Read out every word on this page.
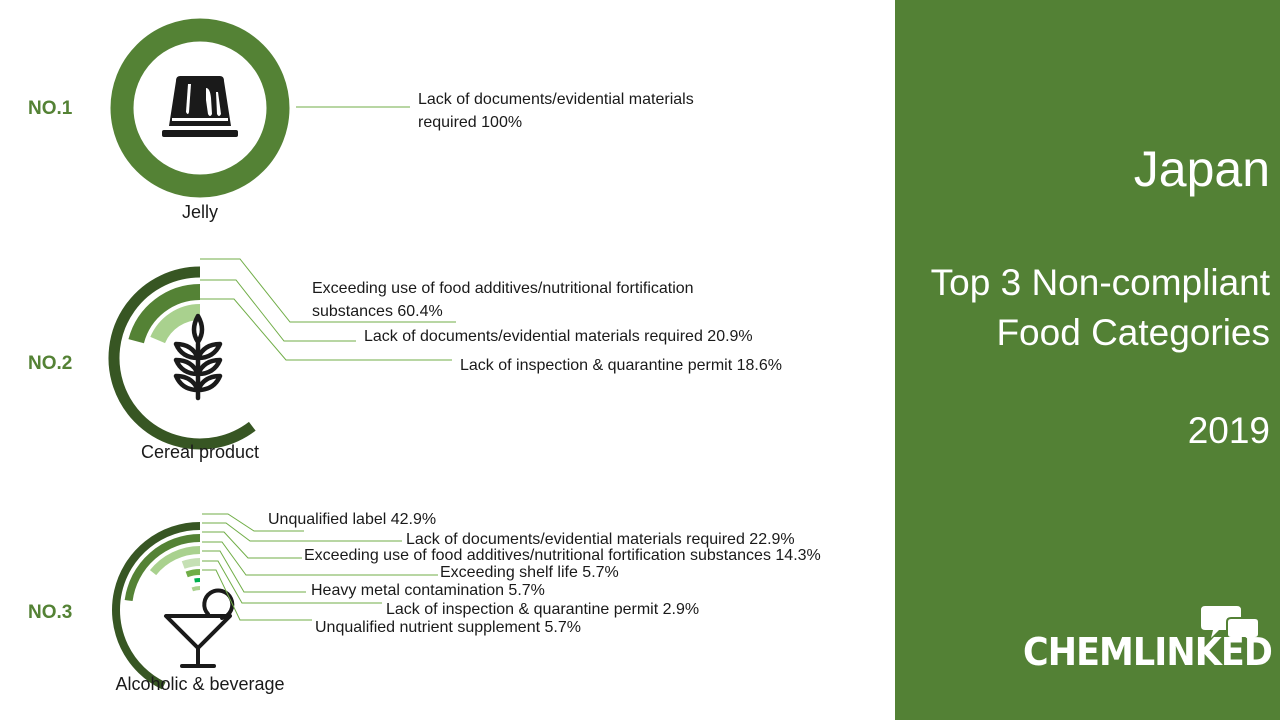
NO.1
Jelly
NO.2
Cereal product
NO.3
Alcoholic & beverage
Lack of documents/evidential materials required 100%
Exceeding use of food additives/nutritional fortification substances 60.4%
Lack of documents/evidential materials required 20.9%
Lack of inspection & quarantine permit 18.6%
Unqualified label 42.9%
Lack of documents/evidential materials required 22.9%
Exceeding use of food additives/nutritional fortification substances 14.3%
Exceeding shelf life 5.7%
Heavy metal contamination 5.7%
Lack of inspection & quarantine permit 2.9%
Unqualified nutrient supplement 5.7%
Japan
Top 3 Non-compliant Food Categories
2019
CHEMLINKED
